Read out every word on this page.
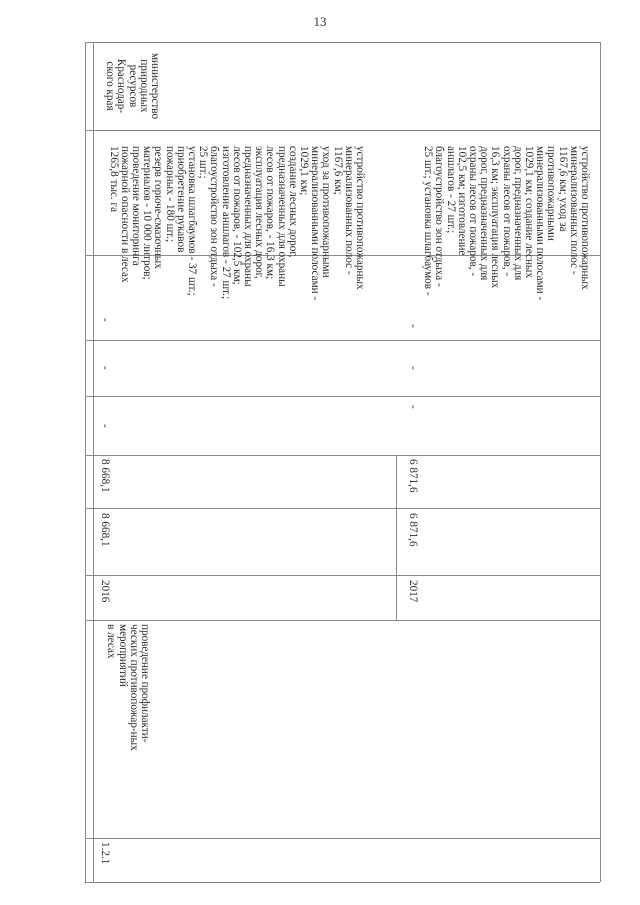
13
министерство
природных
ресурсов
Краснодар-
ского края
устройство противопожарных
минерализованных полос -
1167,6 км;
уход за противопожарными
минерализованными полосами -
1029,1 км;
создание лесных дорог,
предназначенных для охраны
лесов от пожаров, - 16,3 км;
эксплуатация лесных дорог,
предназначенных для охраны
лесов от пожаров, - 102,5 км;
изготовление аншлагов - 27 шт.;
благоустройство зон отдыха -
25 шт.;
установка шлагбаумов - 37 шт.;
приобретение рукавов
пожарных - 180 шт.;
резерв горюче-смазочных
материалов - 10 000 литров;
проведение мониторинга
пожарной опасности в лесах
1265,8 тыс. га
-
-
-
8 668,1
8 668,1
2016
устройство противопожарных
минерализованных полос -
1167,6 км; уход за
противопожарными
минерализованными полосами -
1029,1 км; создание лесных
дорог, предназначенных для
охраны лесов от пожаров, -
16,3 км; эксплуатация лесных
дорог, предназначенных для
охраны лесов от пожаров, -
102,5 км; изготовление
аншлагов - 27 шт.;
благоустройство зон отдыха -
25 шт.; установка шлагбаумов -
-
-
-
6 871,6
6 871,6
2017
проведение профилакти-
ческих противопожар-ных
мероприятий
в лесах
1.2.1
